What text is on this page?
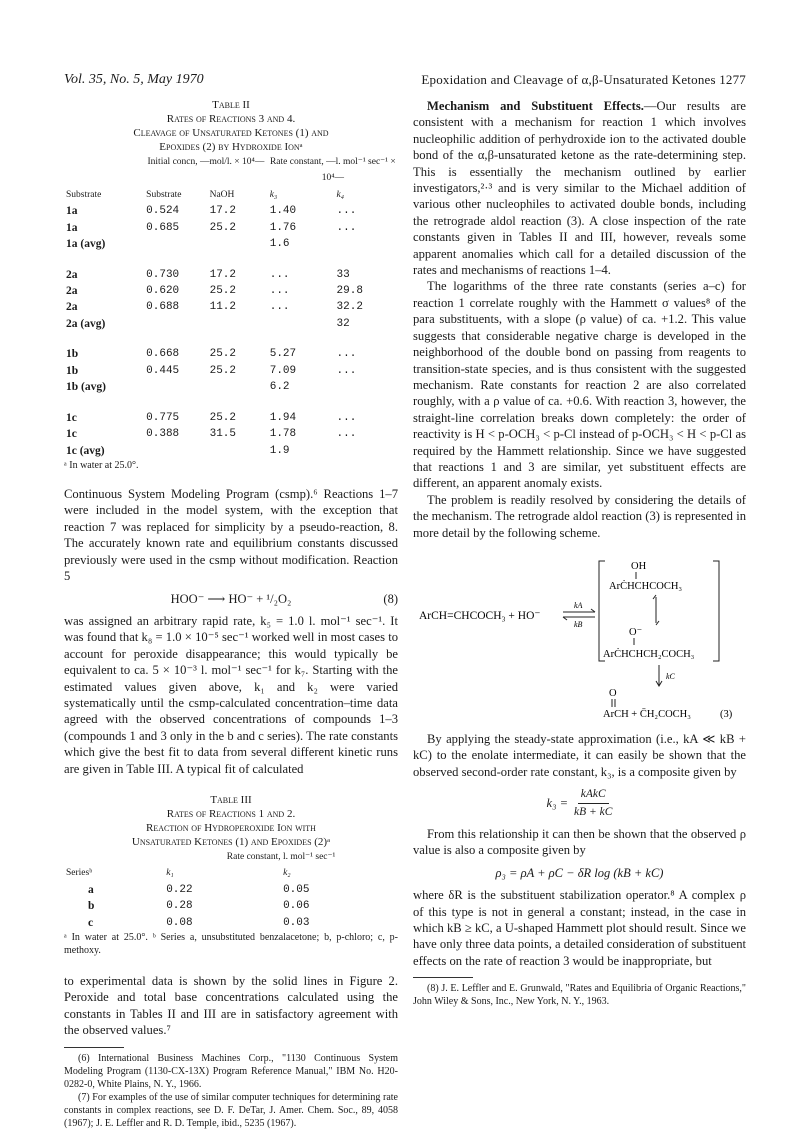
Vol. 35, No. 5, May 1970	Epoxidation and Cleavage of α,β-Unsaturated Ketones 1277
Table II
Rates of Reactions 3 and 4.
Cleavage of Unsaturated Ketones (1) and
Epoxides (2) by Hydroxide Ionᵃ
	Initial concn, —mol/l. × 10⁴—		Rate constant, —l. mol⁻¹ sec⁻¹ × 10⁴—	
Substrate	Substrate	NaOH	k₃	k₄
1a	0.524	17.2	1.40	...
1a	0.685	25.2	1.76	...
1a (avg)			1.6	

2a	0.730	17.2	...	33
2a	0.620	25.2	...	29.8
2a	0.688	11.2	...	32.2
2a (avg)				32

1b	0.668	25.2	5.27	...
1b	0.445	25.2	7.09	...
1b (avg)			6.2	

1c	0.775	25.2	1.94	...
1c	0.388	31.5	1.78	...
1c (avg)			1.9	
ᵃ In water at 25.0°.

Continuous System Modeling Program (csmp).⁶ Reactions 1–7 were included in the model system, with the exception that reaction 7 was replaced for simplicity by a pseudo-reaction, 8. The accurately known rate and equilibrium constants discussed previously were used in the csmp without modification. Reaction 5

HOO⁻ ⟶ HO⁻ + ¹/₂O₂	(8)

was assigned an arbitrary rapid rate, k₅ = 1.0 l. mol⁻¹ sec⁻¹. It was found that k₈ = 1.0 × 10⁻⁵ sec⁻¹ worked well in most cases to account for peroxide disappearance; this would typically be equivalent to ca. 5 × 10⁻³ l. mol⁻¹ sec⁻¹ for k₇. Starting with the estimated values given above, k₁ and k₂ were varied systematically until the csmp-calculated concentration–time data agreed with the observed concentrations of compounds 1–3 (compounds 1 and 3 only in the b and c series). The rate constants which give the best fit to data from several different kinetic runs are given in Table III. A typical fit of calculated

Table III
Rates of Reactions 1 and 2.
Reaction of Hydroperoxide Ion with
Unsaturated Ketones (1) and Epoxides (2)ᵃ
	Rate constant, l. mol⁻¹ sec⁻¹	
Seriesᵇ	k₁	k₂
a	0.22	0.05
b	0.28	0.06
c	0.08	0.03
ᵃ In water at 25.0°. ᵇ Series a, unsubstituted benzalacetone; b, p-chloro; c, p-methoxy.

to experimental data is shown by the solid lines in Figure 2. Peroxide and total base concentrations calculated using the constants in Tables II and III are in satisfactory agreement with the observed values.⁷

(6) International Business Machines Corp., "1130 Continuous System Modeling Program (1130-CX-13X) Program Reference Manual," IBM No. H20-0282-0, White Plains, N. Y., 1966.
(7) For examples of the use of similar computer techniques for determining rate constants in complex reactions, see D. F. DeTar, J. Amer. Chem. Soc., 89, 4058 (1967); J. E. Leffler and R. D. Temple, ibid., 5235 (1967).

Mechanism and Substituent Effects.—Our results are consistent with a mechanism for reaction 1 which involves nucleophilic addition of perhydroxide ion to the activated double bond of the α,β-unsaturated ketone as the rate-determining step. This is essentially the mechanism outlined by earlier investigators,²·³ and is very similar to the Michael addition of various other nucleophiles to activated double bonds, including the retrograde aldol reaction (3). A close inspection of the rate constants given in Tables II and III, however, reveals some apparent anomalies which call for a detailed discussion of the rates and mechanisms of reactions 1–4.

The logarithms of the three rate constants (series a–c) for reaction 1 correlate roughly with the Hammett σ values⁸ of the para substituents, with a slope (ρ value) of ca. +1.2. This value suggests that considerable negative charge is developed in the neighborhood of the double bond on passing from reagents to transition-state species, and is thus consistent with the suggested mechanism. Rate constants for reaction 2 are also correlated roughly, with a ρ value of ca. +0.6. With reaction 3, however, the straight-line correlation breaks down completely: the order of reactivity is H < p-OCH₃ < p-Cl instead of p-OCH₃ < H < p-Cl as required by the Hammett relationship. Since we have suggested that reactions 1 and 3 are similar, yet substituent effects are different, an apparent anomaly exists.

The problem is readily resolved by considering the details of the mechanism. The retrograde aldol reaction (3) is represented in more detail by the following scheme.

ArCH=CHCOCH₃ + HO⁻
kA
kB
OH
ArĊHCHCOCH₃
O⁻
ArĊHCHCH₂COCH₃
kC
O
ArCH + C̄H₂COCH₃	(3)

By applying the steady-state approximation (i.e., kA ≪ kB + kC) to the enolate intermediate, it can easily be shown that the observed second-order rate constant, k₃, is a composite given by

k₃ =
kAkC
kB + kC

From this relationship it can then be shown that the observed ρ value is also a composite given by

ρ₃ = ρA + ρC − δR log (kB + kC)

where δR is the substituent stabilization operator.⁸ A complex ρ of this type is not in general a constant; instead, in the case in which kB ≥ kC, a U-shaped Hammett plot should result. Since we have only three data points, a detailed consideration of substituent effects on the rate of reaction 3 would be inappropriate, but

(8) J. E. Leffler and E. Grunwald, "Rates and Equilibria of Organic Reactions," John Wiley & Sons, Inc., New York, N. Y., 1963.
